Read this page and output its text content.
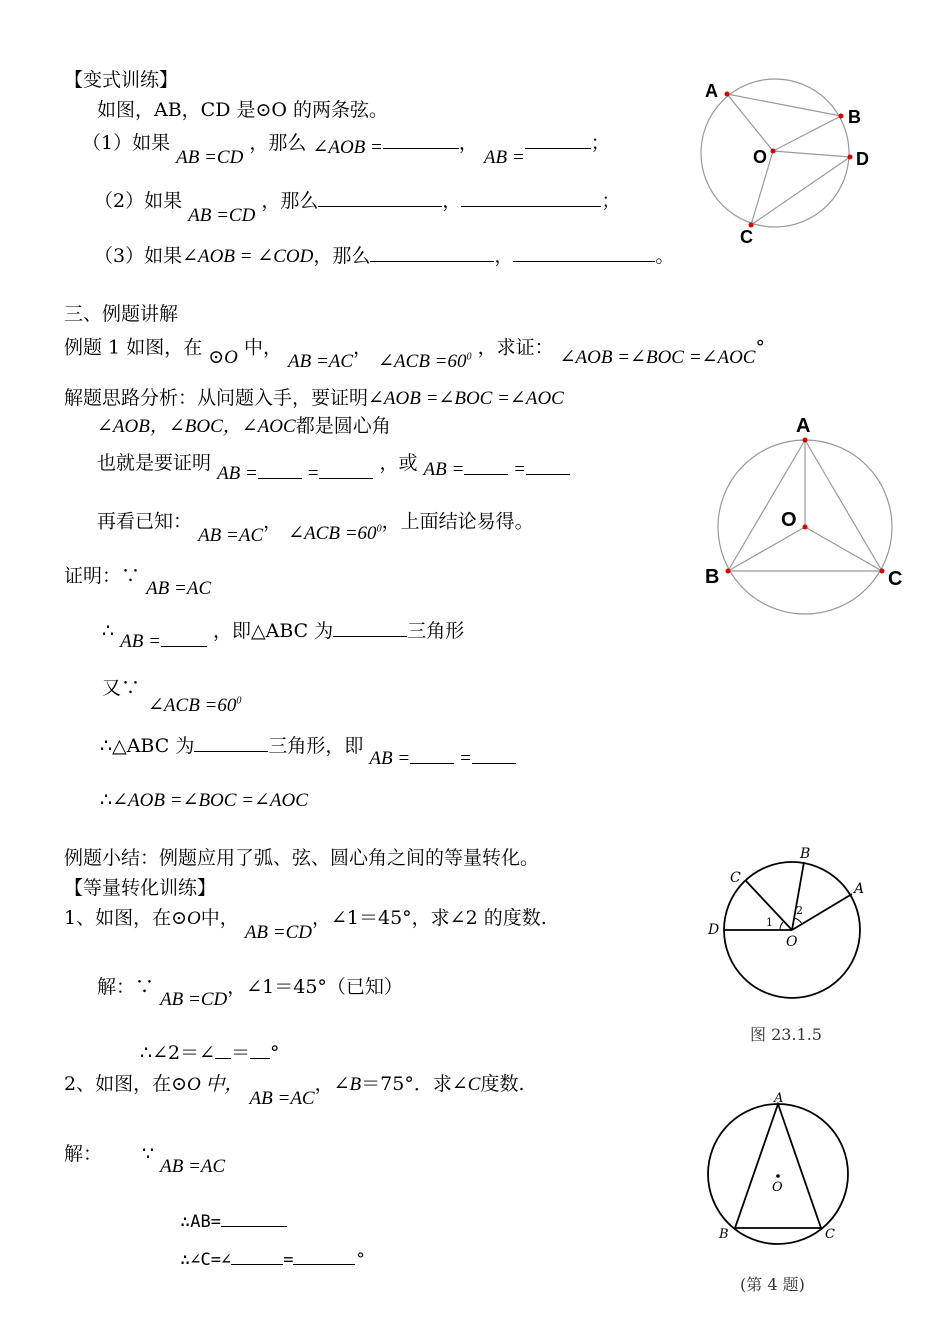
【变式训练】
如图，AB，CD 是⊙O 的两条弦。
（1）如果 AB =CD ，那么 ∠AOB =	， AB =；
（2）如果 AB =CD ，那么	，	；
（3）如果∠AOB = ∠COD，那么	，	。
A
B
O	D
C
三、例题讲解
例题 1 如图，在 ⊙O 中， AB =AC， ∠ACB $=60^0$ ，求证： ∠AOB =∠BOC =∠AOC°
解题思路分析：从问题入手，要证明∠AOB =∠BOC =∠AOC
∠AOB，∠BOC，∠AOC都是圆心角
也就是要证明 AB = =	，或 AB = =
再看已知： AB =AC， ∠ACB $=60^0$，上面结论易得。
证明：∵ AB =AC
∴ AB =	，即△ABC 为	三角形
又∵
∠ACB $=60^0$
∴△ABC 为	三角形，即 AB = =
∴∠AOB =∠BOC =∠AOC
例题小结：例题应用了弧、弦、圆心角之间的等量转化。
A
O
B	C
【等量转化训练】
1、如图，在⊙O中， AB =CD，∠1＝45°，求∠2 的度数.
解：∵ AB =CD，∠1＝45°（已知）
∴∠2＝∠ ＝ °
2、如图，在⊙O 中， AB =AC，∠B＝75°．求∠C度数.
解： ∵ AB =AC
∴AB=
∴∠C=∠	=	°
B
C
A
D
O
1
2
图 23.1.5
A
O
B	C
(第 4 题)
